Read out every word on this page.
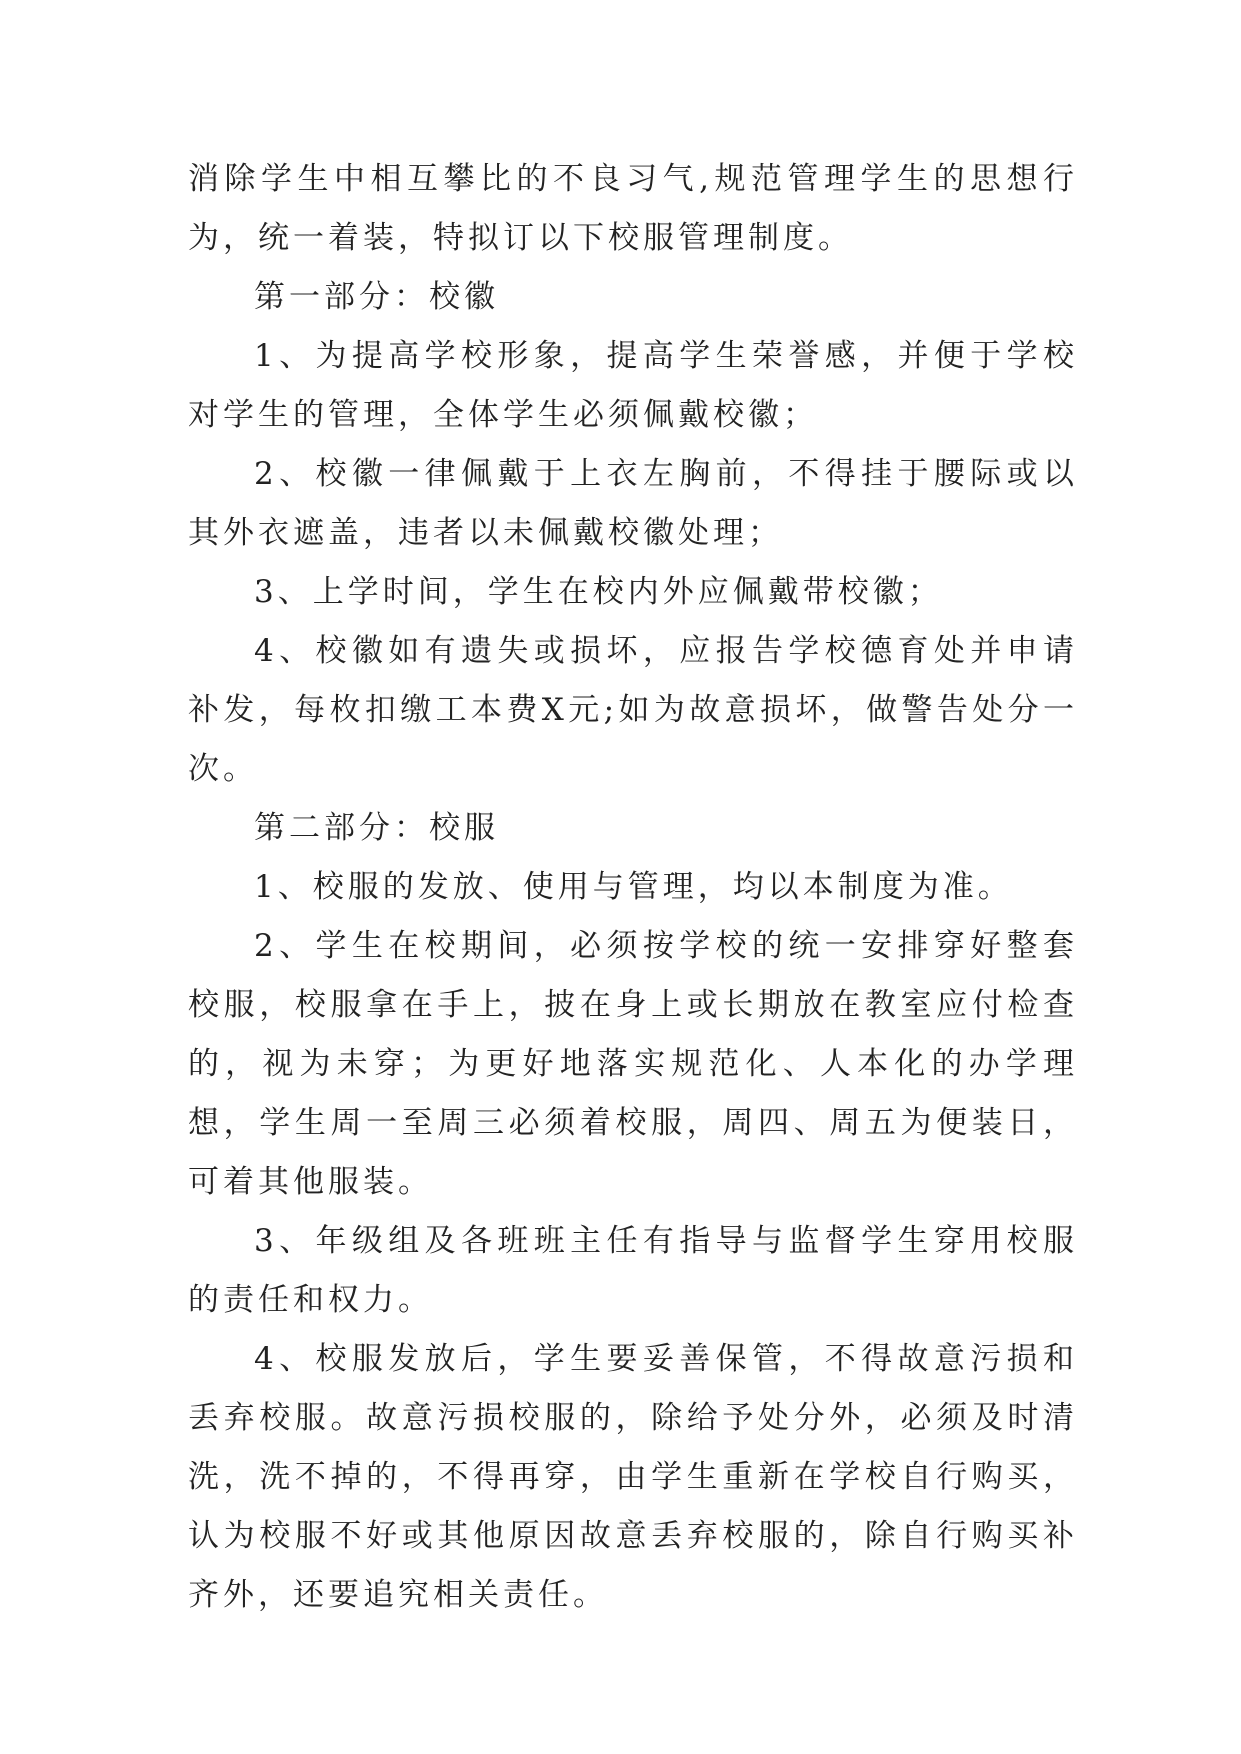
消除学生中相互攀比的不良习气,规范管理学生的思想行为，统一着装，特拟订以下校服管理制度。

第一部分：校徽

1、为提高学校形象，提高学生荣誉感，并便于学校对学生的管理，全体学生必须佩戴校徽；

2、校徽一律佩戴于上衣左胸前，不得挂于腰际或以其外衣遮盖，违者以未佩戴校徽处理；

3、上学时间，学生在校内外应佩戴带校徽；

4、校徽如有遗失或损坏，应报告学校德育处并申请补发，每枚扣缴工本费X元;如为故意损坏，做警告处分一次。

第二部分：校服

1、校服的发放、使用与管理，均以本制度为准。

2、学生在校期间，必须按学校的统一安排穿好整套校服，校服拿在手上，披在身上或长期放在教室应付检查的，视为未穿；为更好地落实规范化、人本化的办学理想，学生周一至周三必须着校服，周四、周五为便装日，可着其他服装。

3、年级组及各班班主任有指导与监督学生穿用校服的责任和权力。

4、校服发放后，学生要妥善保管，不得故意污损和丢弃校服。故意污损校服的，除给予处分外，必须及时清洗，洗不掉的，不得再穿，由学生重新在学校自行购买，认为校服不好或其他原因故意丢弃校服的，除自行购买补齐外，还要追究相关责任。
